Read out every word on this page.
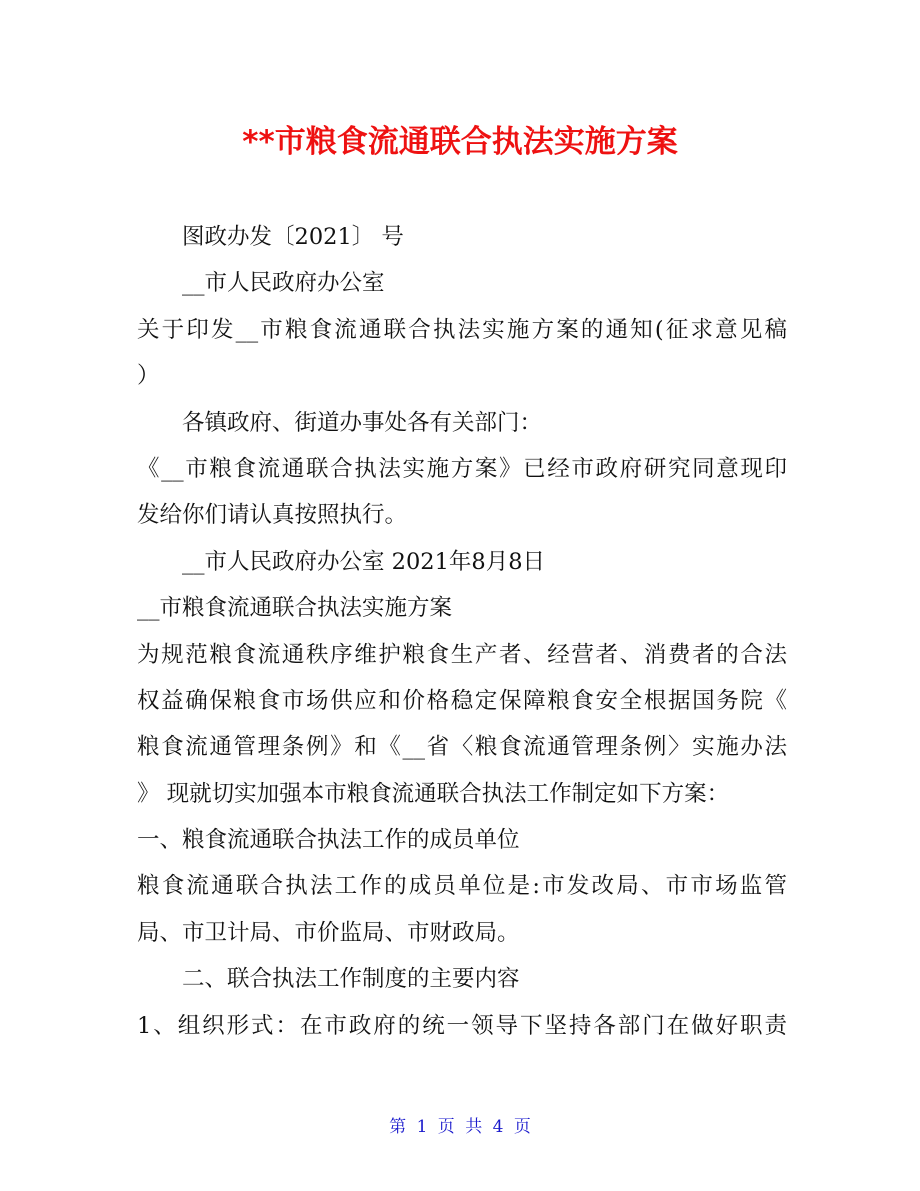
**市粮食流通联合执法实施方案
图政办发〔2021〕 号
__市人民政府办公室
关于印发__市粮食流通联合执法实施方案的通知(征求意见稿
）
各镇政府、街道办事处各有关部门：
《__市粮食流通联合执法实施方案》已经市政府研究同意现印
发给你们请认真按照执行。
__市人民政府办公室 2021年8月8日
__市粮食流通联合执法实施方案
为规范粮食流通秩序维护粮食生产者、经营者、消费者的合法
权益确保粮食市场供应和价格稳定保障粮食安全根据国务院《
粮食流通管理条例》和《__省〈粮食流通管理条例〉实施办法
》 现就切实加强本市粮食流通联合执法工作制定如下方案：
一、粮食流通联合执法工作的成员单位
粮食流通联合执法工作的成员单位是:市发改局、市市场监管
局、市卫计局、市价监局、市财政局。
二、联合执法工作制度的主要内容
1、组织形式：在市政府的统一领导下坚持各部门在做好职责
第 1 页 共 4 页
